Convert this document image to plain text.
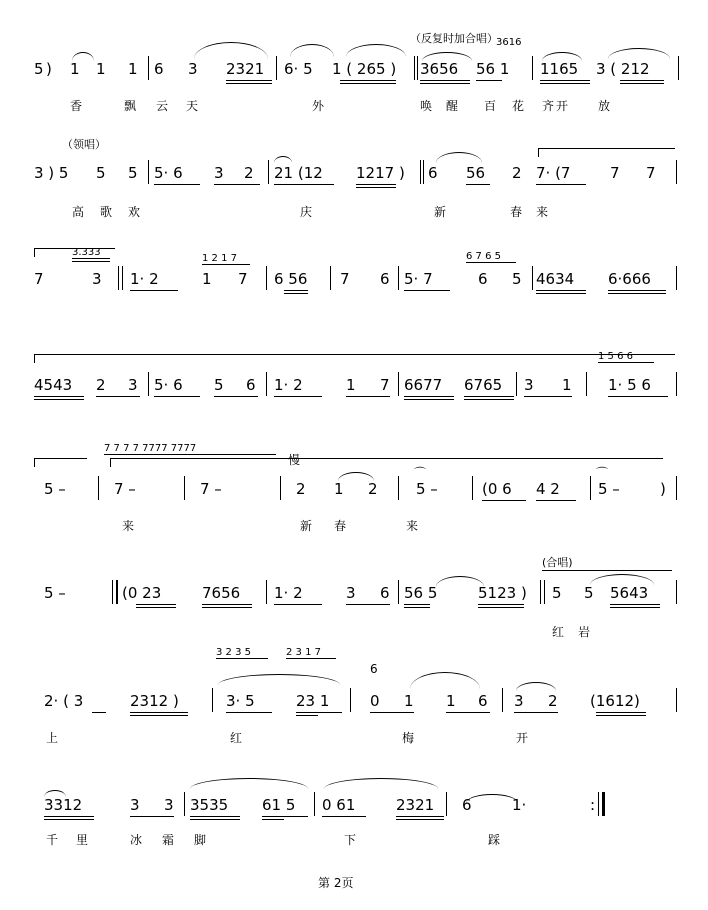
（反复时加合唱）
5 ) 1 1 1 6 3 2321 6· 5 1 ( 265 ) 3656 56 1 1165 3 ( 212
3616
香	飘 云 天	外	唤 醒 百 花 齐 开 放
（领唱）
3 ) 5 5 5 5· 6 3 2 21 (12 1217 ) 6 56 2 7· (7	7 7
高 歌 欢	庆	新	春 来
3.333
1 2 1 7	6 7 6 5
7	3 1· 2	1 7 6 56 7 6 5· 7	6 5 4634 6·666
1 5 6 6
4543 2 3 5· 6 5 6 1· 2	1 7 6677 6765 3 1 1· 5 6
7 7 7 7 7777 7777
慢
5 –	7 –	7 –	2 1 2	5 –	(0 6 4 2	5 –	)
⌒	⌒
来	新 春	来
(合唱)
5 –	(0 23	7656 1· 2	3 6 56 5	5123 ) 5 5 5643
红 岩
3 2 3 5	2 3 1 7
6
2· ( 3	2312 )	3· 5	23 1	0 1 1 6 3 2 (1612)
上	红	梅	开
3312	3 3 3535 61 5 0 61	2321 6	1·	:
千 里	冰 霜 脚	下	踩
第 2页
